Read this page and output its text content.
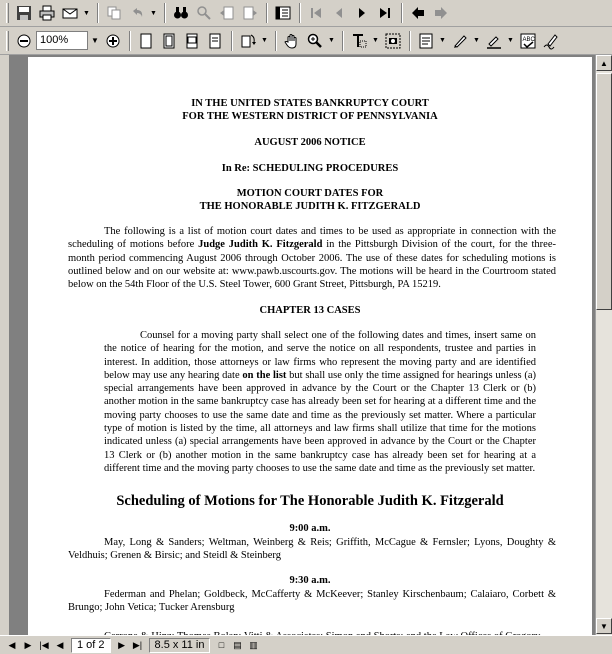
▼	▼
100%	▼	▼	▼	▼	▼	▼	▼ ABC
IN THE UNITED STATES BANKRUPTCY COURT
FOR THE WESTERN DISTRICT OF PENNSYLVANIA
AUGUST 2006 NOTICE
In Re: SCHEDULING PROCEDURES
MOTION COURT DATES FOR
THE HONORABLE JUDITH K. FITZGERALD
The following is a list of motion court dates and times to be used as appropriate in connection with the scheduling of motions before Judge Judith K. Fitzgerald in the Pittsburgh Division of the court, for the three-month period commencing August 2006 through October 2006. The use of these dates for scheduling motions is outlined below and on our website at: www.pawb.uscourts.gov. The motions will be heard in the Courtroom stated below on the 54th Floor of the U.S. Steel Tower, 600 Grant Street, Pittsburgh, PA 15219.
CHAPTER 13 CASES
Counsel for a moving party shall select one of the following dates and times, insert same on the notice of hearing for the motion, and serve the notice on all respondents, trustee and parties in interest. In addition, those attorneys or law firms who represent the moving party and are identified below may use any hearing date on the list but shall use only the time assigned for hearings unless (a) special arrangements have been approved in advance by the Court or the Chapter 13 Clerk or (b) another motion in the same bankruptcy case has already been set for hearing at a different time and the moving party chooses to use the same date and time as the previously set matter. Where a particular type of motion is listed by the time, all attorneys and law firms shall utilize that time for the motions indicated unless (a) special arrangements have been approved in advance by the Court or the Chapter 13 Clerk or (b) another motion in the same bankruptcy case has already been set for hearing at a different time and the moving party chooses to use the same date and time as the previously set matter.
Scheduling of Motions for The Honorable Judith K. Fitzgerald
9:00 a.m.
May, Long & Sanders; Weltman, Weinberg & Reis; Griffith, McCague & Fernsler; Lyons, Doughty & Veldhuis; Grenen & Birsic; and Steidl & Steinberg
9:30 a.m.
Federman and Phelan; Goldbeck, McCafferty & McKeever; Stanley Kirschenbaum; Calaiaro, Corbett & Brungo; John Vetica; Tucker Arensburg
▲
▼
◀ ▶ |◀ ◀	1 of 2	▶ ▶|	8.5 x 11 in	□ ▤ ▥
